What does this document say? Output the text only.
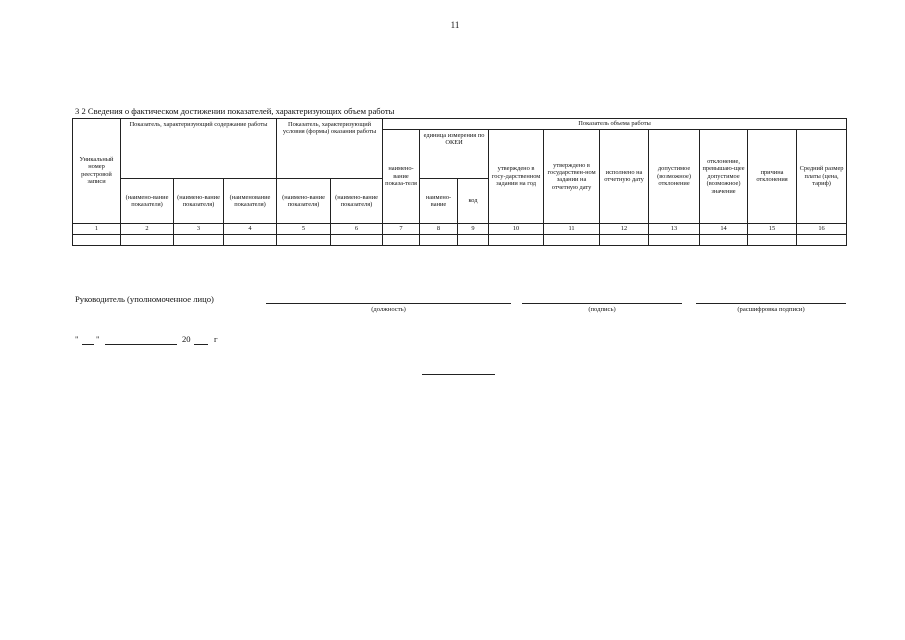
11
3 2 Сведения о фактическом достижении показателей, характеризующих объем работы
Уникальный номер реестровой записи	Показатель, характеризующий содержание работы			Показатель, характеризующий условия (формы) оказания работы		Показатель объема работы									
						наимено-вание показа-теля	единица измерения по ОКЕИ		утверждено в госу-дарственном задании на год	утверждено в государствен-ном задании на отчетную дату	исполнено на отчетную дату	допустимое (возможное) отклонение	отклонение, превышаю-щее допустимое (возможное) значение	причина отклонения	Средний размер платы (цена, тариф)
	(наимено-вание показателя)	(наимено-вание показателя)	(наименование показателя)	(наимено-вание показателя)	(наимено-вание показателя)		наимено-вание	код							
1	2	3	4	5	6	7	8	9	10	11	12	13	14	15	16

Руководитель (уполномоченное лицо)
(должность)	(подпись)	(расшифровка подписи)
" "	20	г
